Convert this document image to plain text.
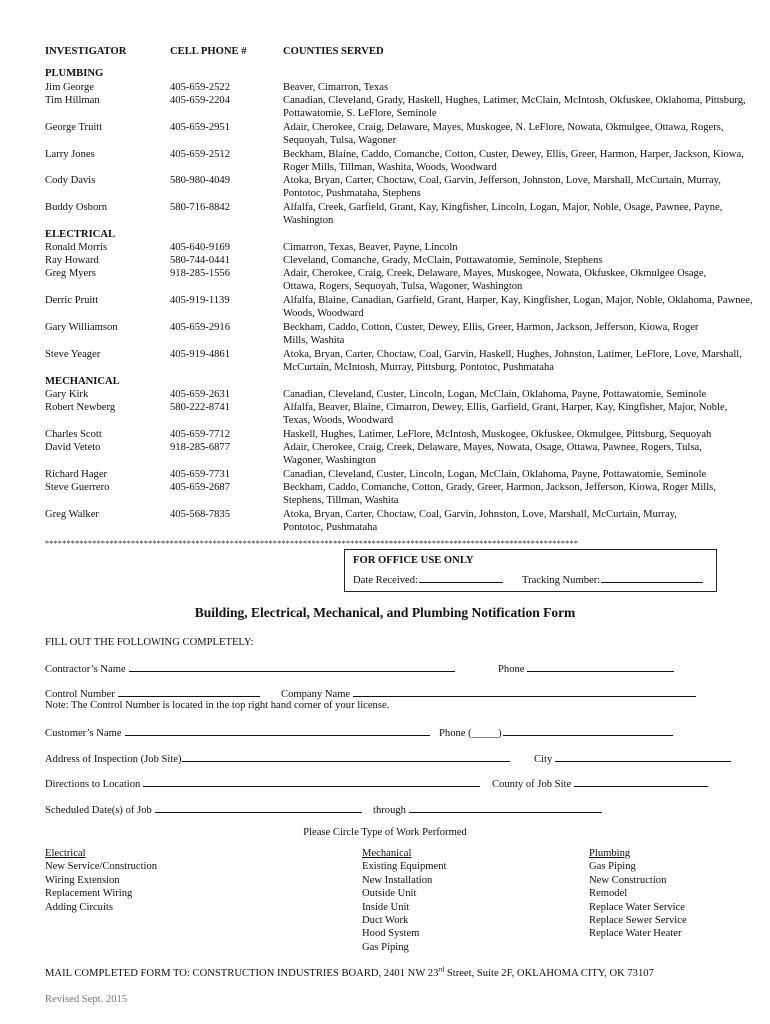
INVESTIGATOR	CELL PHONE #	COUNTIES SERVED
PLUMBING
Jim George	405-659-2522	Beaver, Cimarron, Texas
Tim Hillman	405-659-2204	Canadian, Cleveland, Grady, Haskell, Hughes, Latimer, McClain, McIntosh, Okfuskee, Oklahoma, Pittsburg, Pottawatomie, S. LeFlore, Seminole
George Truitt	405-659-2951	Adair, Cherokee, Craig, Delaware, Mayes, Muskogee, N. LeFlore, Nowata, Okmulgee, Ottawa, Rogers, Sequoyah, Tulsa, Wagoner
Larry Jones	405-659-2512	Beckham, Blaine, Caddo, Comanche, Cotton, Custer, Dewey, Ellis, Greer, Harmon, Harper, Jackson, Kiowa, Roger Mills, Tillman, Washita, Woods, Woodward
Cody Davis	580-980-4049	Atoka, Bryan, Carter, Choctaw, Coal, Garvin, Jefferson, Johnston, Love, Marshall, McCurtain, Murray, Pontotoc, Pushmataha, Stephens
Buddy Osborn	580-716-8842	Alfalfa, Creek, Garfield, Grant, Kay, Kingfisher, Lincoln, Logan, Major, Noble, Osage, Pawnee, Payne, Washington
ELECTRICAL
Ronald Morris	405-640-9169	Cimarron, Texas, Beaver, Payne, Lincoln
Ray Howard	580-744-0441	Cleveland, Comanche, Grady, McClain, Pottawatomie, Seminole, Stephens
Greg Myers	918-285-1556	Adair, Cherokee, Craig, Creek, Delaware, Mayes, Muskogee, Nowata, Okfuskee, Okmulgee Osage, Ottawa, Rogers, Sequoyah, Tulsa, Wagoner, Washington
Derric Pruitt	405-919-1139	Alfalfa, Blaine, Canadian, Garfield, Grant, Harper, Kay, Kingfisher, Logan, Major, Noble, Oklahoma, Pawnee, Woods, Woodward
Gary Williamson	405-659-2916	Beckham, Caddo, Cotton, Custer, Dewey, Ellis, Greer, Harmon, Jackson, Jefferson, Kiowa, Roger Mills, Washita
Steve Yeager	405-919-4861	Atoka, Bryan, Carter, Choctaw, Coal, Garvin, Haskell, Hughes, Johnston, Latimer, LeFlore, Love, Marshall, McCurtain, McIntosh, Murray, Pittsburg, Pontotoc, Pushmataha
MECHANICAL
Gary Kirk	405-659-2631	Canadian, Cleveland, Custer, Lincoln, Logan, McClain, Oklahoma, Payne, Pottawatomie, Seminole
Robert Newberg	580-222-8741	Alfalfa, Beaver, Blaine, Cimarron, Dewey, Ellis, Garfield, Grant, Harper, Kay, Kingfisher, Major, Noble, Texas, Woods, Woodward
Charles Scott	405-659-7712	Haskell, Hughes, Latimer, LeFlore, McIntosh, Muskogee, Okfuskee, Okmulgee, Pittsburg, Sequoyah
David Veteto	918-285-6877	Adair, Cherokee, Craig, Creek, Delaware, Mayes, Nowata, Osage, Ottawa, Pawnee, Rogers, Tulsa, Wagoner, Washington
Richard Hager	405-659-7731	Canadian, Cleveland, Custer, Lincoln, Logan, McClain, Oklahoma, Payne, Pottawatomie, Seminole
Steve Guerrero	405-659-2687	Beckham, Caddo, Comanche, Cotton, Grady, Greer, Harmon, Jackson, Jefferson, Kiowa, Roger Mills, Stephens, Tillman, Washita
Greg Walker	405-568-7835	Atoka, Bryan, Carter, Choctaw, Coal, Garvin, Johnston, Love, Marshall, McCurtain, Murray, Pontotoc, Pushmataha
****************************************************************************************************************************
FOR OFFICE USE ONLY
Date Received:	Tracking Number:
Building, Electrical, Mechanical, and Plumbing Notification Form
FILL OUT THE FOLLOWING COMPLETELY:
Contractor’s Name	Phone
Control Number	Company Name
Note: The Control Number is located in the top right hand corner of your license.
Customer’s Name	Phone (_____)
Address of Inspection (Job Site)	City
Directions to Location	County of Job Site
Scheduled Date(s) of Job	through
Please Circle Type of Work Performed
Electrical
New Service/Construction
Wiring Extension
Replacement Wiring
Adding Circuits
Mechanical
Existing Equipment
New Installation
Outside Unit
Inside Unit
Duct Work
Hood System
Gas Piping
Plumbing
Gas Piping
New Construction
Remodel
Replace Water Service
Replace Sewer Service
Replace Water Heater
MAIL COMPLETED FORM TO: CONSTRUCTION INDUSTRIES BOARD, 2401 NW 23rd Street, Suite 2F, OKLAHOMA CITY, OK 73107
Revised Sept. 2015
